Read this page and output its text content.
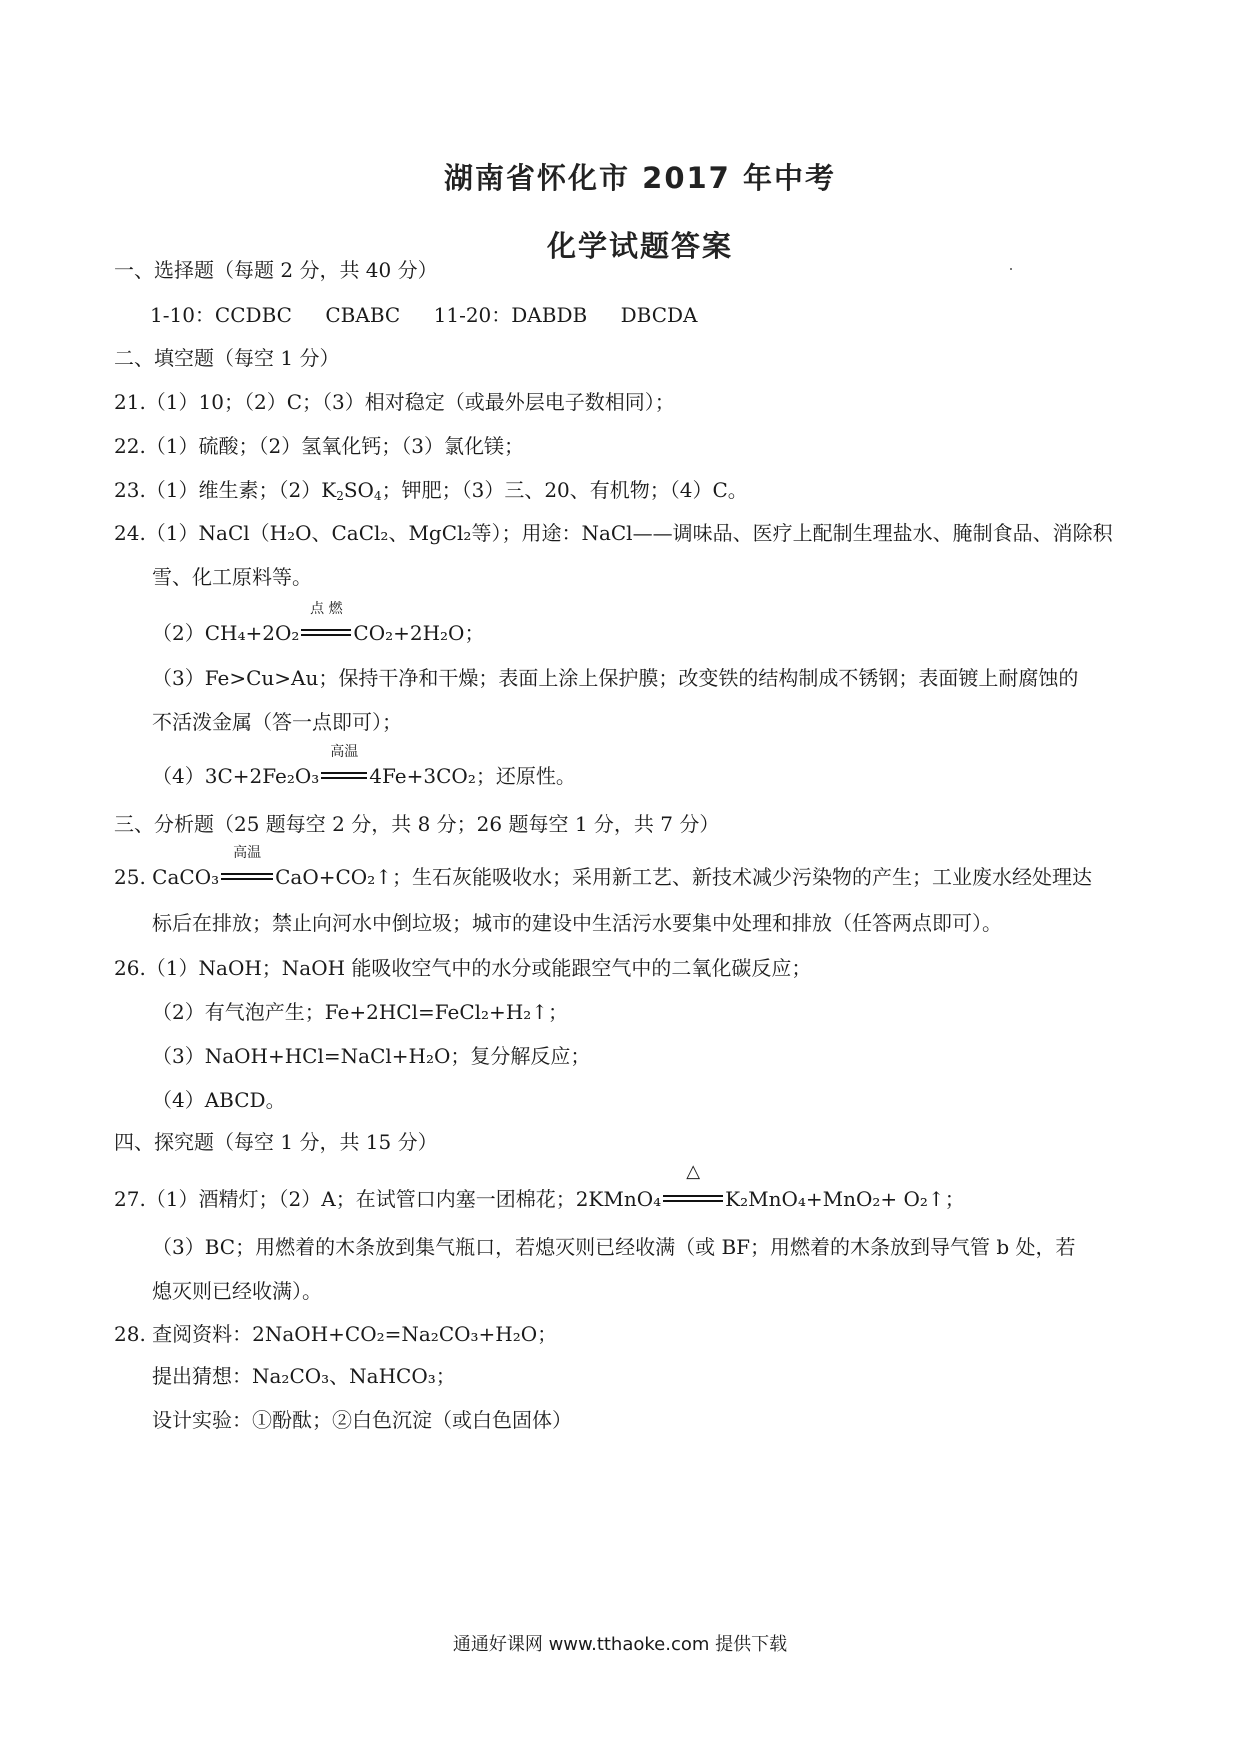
湖南省怀化市 2017 年中考
化学试题答案
一、选择题（每题 2 分，共 40 分）
1-10：CCDBC    CBABC    11-20：DABDB    DBCDA
二、填空题（每空 1 分）
21.（1）10；（2）C；（3）相对稳定（或最外层电子数相同）；
22.（1）硫酸；（2）氢氧化钙；（3）氯化镁；
23.（1）维生素；$(2)K_2SO_4$；钾肥；（3）三、20、有机物；（4）C。
24.（1）NaCl（H₂O、CaCl₂、MgCl₂等）；用途：NaCl——调味品、医疗上配制生理盐水、腌制食品、消除积
雪、化工原料等。
（2）CH₄+2O₂
点 燃
CO₂+2H₂O；
（3）Fe>Cu>Au；保持干净和干燥；表面上涂上保护膜；改变铁的结构制成不锈钢；表面镀上耐腐蚀的
不活泼金属（答一点即可）；
（4）3C+2Fe₂O₃
高温
4Fe+3CO₂；还原性。
三、分析题（25 题每空 2 分，共 8 分；26 题每空 1 分，共 7 分）
25. CaCO₃
高温
CaO+CO₂↑；生石灰能吸收水；采用新工艺、新技术减少污染物的产生；工业废水经处理达
标后在排放；禁止向河水中倒垃圾；城市的建设中生活污水要集中处理和排放（任答两点即可）。
26.（1）NaOH；NaOH 能吸收空气中的水分或能跟空气中的二氧化碳反应；
（2）有气泡产生；Fe+2HCl=FeCl₂+H₂↑；
（3）NaOH+HCl=NaCl+H₂O；复分解反应；
（4）ABCD。
四、探究题（每空 1 分，共 15 分）
27.（1）酒精灯；（2）A；在试管口内塞一团棉花；2KMnO₄
△
K₂MnO₄+MnO₂+ O₂↑；
（3）BC；用燃着的木条放到集气瓶口，若熄灭则已经收满（或 BF；用燃着的木条放到导气管 b 处，若
熄灭则已经收满）。
28. 查阅资料：2NaOH+CO₂=Na₂CO₃+H₂O；
提出猜想：Na₂CO₃、NaHCO₃；
设计实验：①酚酞；②白色沉淀（或白色固体）
通通好课网 www.tthaoke.com 提供下载
